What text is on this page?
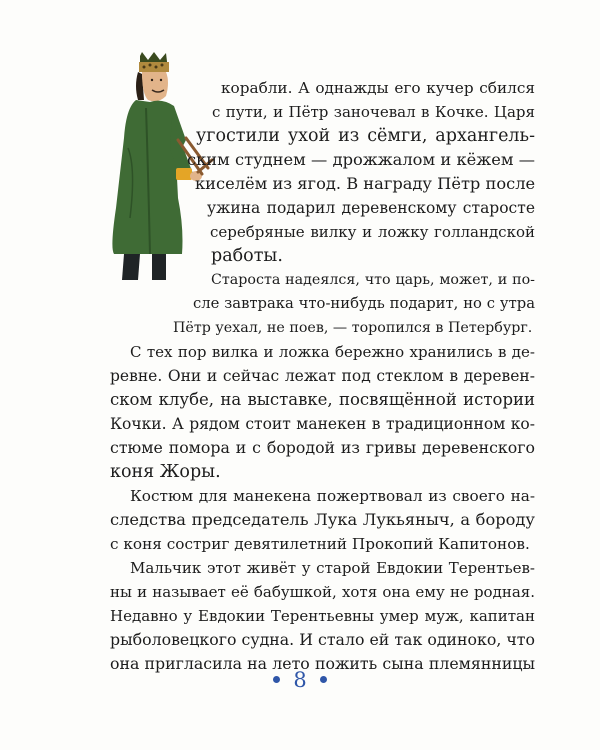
корабли. А однажды его кучер сбился
с пути, и Пётр заночевал в Кочке. Царя
угостили ухой из сёмги, архангель-
ским студнем — дрожжалом и кёжем —
киселём из ягод. В награду Пётр после
ужина подарил деревенскому старосте
серебряные вилку и ложку голландской
работы.
Староста надеялся, что царь, может, и по-
сле завтрака что-нибудь подарит, но с утра
Пётр уехал, не поев, — торопился в Петербург.
С тех пор вилка и ложка бережно хранились в де-
ревне. Они и сейчас лежат под стеклом в деревен-
ском клубе, на выставке, посвящённой истории
Кочки. А рядом стоит манекен в традиционном ко-
стюме помора и с бородой из гривы деревенского
коня Жоры.
Костюм для манекена пожертвовал из своего на-
следства председатель Лука Лукьяныч, а бороду
с коня состриг девятилетний Прокопий Капитонов.
Мальчик этот живёт у старой Евдокии Терентьев-
ны и называет её бабушкой, хотя она ему не родная.
Недавно у Евдокии Терентьевны умер муж, капитан
рыболовецкого судна. И стало ей так одиноко, что
она пригласила на лето пожить сына племянницы
8
